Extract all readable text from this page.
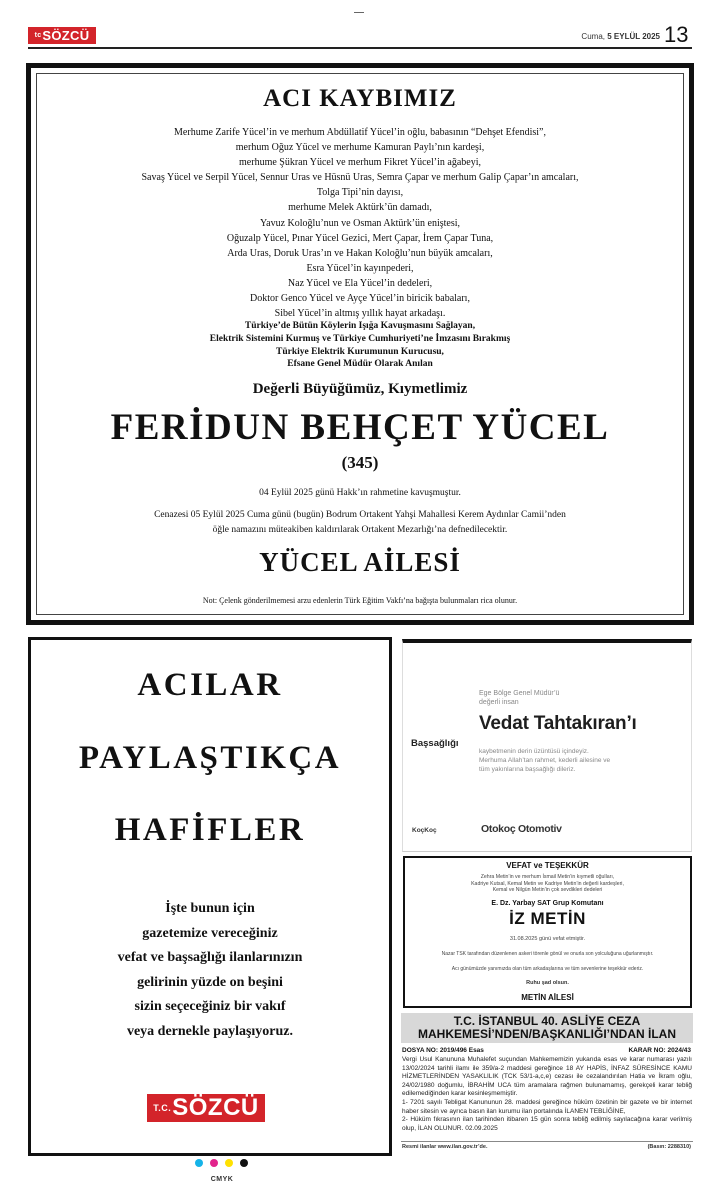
$^{tc}$SÖZCÜ	Cuma, 5 EYLÜL 2025 13
ACI KAYBIMIZ
Merhume Zarife Yücel’in ve merhum Abdüllatif Yücel’in oğlu, babasının “Dehşet Efendisi”,
merhum Oğuz Yücel ve merhume Kamuran Paylı’nın kardeşi,
merhume Şükran Yücel ve merhum Fikret Yücel’in ağabeyi,
Savaş Yücel ve Serpil Yücel, Sennur Uras ve Hüsnü Uras, Semra Çapar ve merhum Galip Çapar’ın amcaları,
Tolga Tipi’nin dayısı,
merhume Melek Aktürk’ün damadı,
Yavuz Koloğlu’nun ve Osman Aktürk’ün eniştesi,
Oğuzalp Yücel, Pınar Yücel Gezici, Mert Çapar, İrem Çapar Tuna,
Arda Uras, Doruk Uras’ın ve Hakan Koloğlu’nun büyük amcaları,
Esra Yücel’in kayınpederi,
Naz Yücel ve Ela Yücel’in dedeleri,
Doktor Genco Yücel ve Ayçe Yücel’in biricik babaları,
Sibel Yücel’in altmış yıllık hayat arkadaşı.
Türkiye’de Bütün Köylerin Işığa Kavuşmasını Sağlayan,
Elektrik Sistemini Kurmuş ve Türkiye Cumhuriyeti’ne İmzasını Bırakmış
Türkiye Elektrik Kurumunun Kurucusu,
Efsane Genel Müdür Olarak Anılan
Değerli Büyüğümüz, Kıymetlimiz
FERİDUN BEHÇET YÜCEL
(345)
04 Eylül 2025 günü Hakk’ın rahmetine kavuşmuştur.
Cenazesi 05 Eylül 2025 Cuma günü (bugün) Bodrum Ortakent Yahşi Mahallesi Kerem Aydınlar Camii’nden
öğle namazını müteakiben kaldırılarak Ortakent Mezarlığı’na defnedilecektir.
YÜCEL AİLESİ
Not: Çelenk gönderilmemesi arzu edenlerin Türk Eğitim Vakfı’na bağışta bulunmaları rica olunur.
ACILAR
PAYLAŞTIKÇA
HAFİFLER
İşte bunun için
gazetemize vereceğiniz
vefat ve başsağlığı ilanlarınızın
gelirinin yüzde on beşini
sizin seçeceğiniz bir vakıf
veya dernekle paylaşıyoruz.
$^{T.C.}$SÖZCÜ
Ege Bölge Genel Müdür’ü
değerli insan
Vedat Tahtakıran’ı
Başsağlığı
kaybetmenin derin üzüntüsü içindeyiz.
Merhuma Allah’tan rahmet, kederli ailesine ve
tüm yakınlarına başsağlığı dileriz.
KoçKoç	Otokoç Otomotiv
VEFAT ve TEŞEKKÜR
Zehra Metin’in ve merhum İsmail Metin’in kıymetli oğulları,
Kadriye Kutsal, Kemal Metin ve Kadriye Metin’in değerli kardeşleri,
Kemal ve Nilgün Metin’in çok sevdikleri dedeleri
E. Dz. Yarbay SAT Grup Komutanı
İZ METİN
31.08.2025 günü vefat etmiştir.
Nazar TSK tarafından düzenlenen askeri törenle gönül ve onurla son yolculuğuna uğurlanmıştır.
Acı günümüzde yanımızda olan tüm arkadaşlarına ve tüm sevenlerine teşekkür ederiz.
Ruhu şad olsun.
METİN AİLESİ
T.C. İSTANBUL 40. ASLİYE CEZA
MAHKEMESİ’NDEN/BAŞKANLIĞI’NDAN İLAN
DOSYA NO: 2019/496 Esas	KARAR NO: 2024/43
Vergi Usul Kanununa Muhalefet suçundan Mahkememizin yukarıda esas ve karar numarası yazılı 13/02/2024 tarihli ilamı ile 359/a-2 maddesi gereğince 18 AY HAPİS, İNFAZ SÜRESİNCE KAMU HİZMETLERİNDEN YASAKLILIK (TCK 53/1-a,c,e) cezası ile cezalandırılan Hatia ve İkram oğlu, 24/02/1980 doğumlu, İBRAHİM UCA tüm aramalara rağmen bulunamamış, gerekçeli karar tebliğ edilemediğinden karar kesinleşmemiştir.
1- 7201 sayılı Tebligat Kanununun 28. maddesi gereğince hüküm özetinin bir gazete ve bir internet haber sitesin ve ayrıca basın ilan kurumu ilan portalında İLANEN TEBLİĞİNE,
2- Hüküm fıkrasının ilan tarihinden itibaren 15 gün sonra tebliğ edilmiş sayılacağına karar verilmiş olup, İLAN OLUNUR. 02.09.2025
Resmi ilanlar www.ilan.gov.tr’de.	(Basın: 2288310)
CMYK
